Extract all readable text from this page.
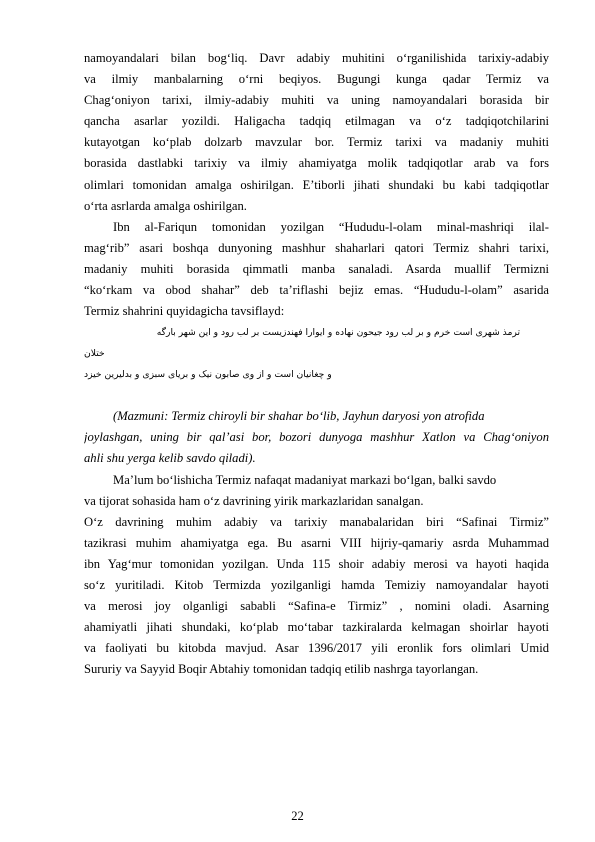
namoyandalari bilan bog‘liq. Davr adabiy muhitini o‘rganilishida tarixiy-adabiy
va ilmiy manbalarning o‘rni beqiyos. Bugungi kunga qadar Termiz va
Chag‘oniyon tarixi, ilmiy-adabiy muhiti va uning namoyandalari borasida bir
qancha asarlar yozildi. Haligacha tadqiq etilmagan va o‘z tadqiqotchilarini
kutayotgan ko‘plab dolzarb mavzular bor. Termiz tarixi va madaniy muhiti
borasida dastlabki tarixiy va ilmiy ahamiyatga molik tadqiqotlar arab va fors
olimlari tomonidan amalga oshirilgan. E’tiborli jihati shundaki bu kabi tadqiqotlar
o‘rta asrlarda amalga oshirilgan.
Ibn al-Fariqun tomonidan yozilgan “Hududu-l-olam minal-mashriqi ilal-
mag‘rib” asari boshqa dunyoning mashhur shaharlari qatori Termiz shahri tarixi,
madaniy muhiti borasida qimmatli manba sanaladi. Asarda muallif Termizni
“ko‘rkam va obod shahar” deb ta’riflashi bejiz emas. “Hududu-l-olam” asarida
Termiz shahrini quyidagicha tavsiflayd:
ترمذ شهری است خرم و بر لب رود جیحون نهاده و ایوارا فهندزیست بر لب رود و این شهر بارگه
ختلان
و چغانیان است و از وی صابون نیک و بریای سبزی و بدلیرین خیزد
(Mazmuni: Termiz chiroyli bir shahar bo‘lib, Jayhun daryosi yon atrofida
joylashgan, uning bir qal’asi bor, bozori dunyoga mashhur Xatlon va Chag‘oniyon
ahli shu yerga kelib savdo qiladi).
Ma’lum bo‘lishicha Termiz nafaqat madaniyat markazi bo‘lgan, balki savdo
va tijorat sohasida ham o‘z davrining yirik markazlaridan sanalgan.
O‘z davrining muhim adabiy va tarixiy manabalaridan biri “Safinai Tirmiz”
tazikrasi muhim ahamiyatga ega. Bu asarni VIII hijriy-qamariy asrda Muhammad
ibn Yag‘mur tomonidan yozilgan. Unda 115 shoir adabiy merosi va hayoti haqida
so‘z yuritiladi. Kitob Termizda yozilganligi hamda Temiziy namoyandalar hayoti
va merosi joy olganligi sababli “Safina-e Tirmiz” , nomini oladi. Asarning
ahamiyatli jihati shundaki, ko‘plab mo‘tabar tazkiralarda kelmagan shoirlar hayoti
va faoliyati bu kitobda mavjud. Asar 1396/2017 yili eronlik fors olimlari Umid
Sururiy va Sayyid Boqir Abtahiy tomonidan tadqiq etilib nashrga tayorlangan.
22
